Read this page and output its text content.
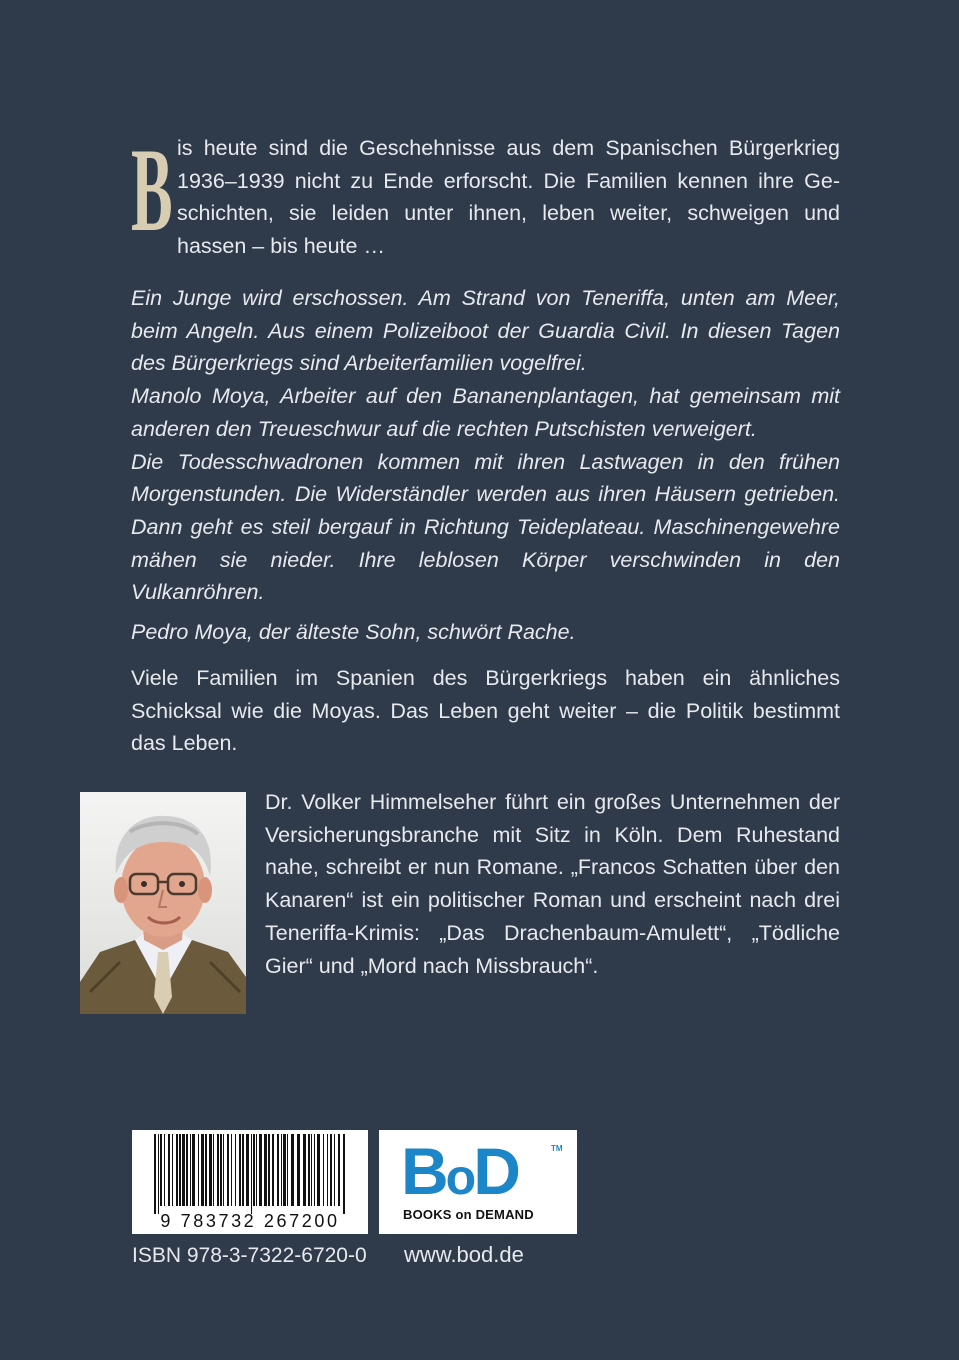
B is heute sind die Geschehnisse aus dem Spanischen Bürgerkrieg 1936–1939 nicht zu Ende erforscht. Die Familien kennen ihre Geschichten, sie leiden unter ihnen, leben weiter, schweigen und hassen – bis heute …

Ein Junge wird erschossen. Am Strand von Teneriffa, unten am Meer, beim Angeln. Aus einem Polizeiboot der Guardia Civil. In diesen Tagen des Bürgerkriegs sind Arbeiterfamilien vogelfrei.

Manolo Moya, Arbeiter auf den Bananenplantagen, hat gemeinsam mit anderen den Treueschwur auf die rechten Putschisten verweigert.

Die Todesschwadronen kommen mit ihren Lastwagen in den frühen Morgenstunden. Die Widerständler werden aus ihren Häusern getrieben. Dann geht es steil bergauf in Richtung Teideplateau. Maschinengewehre mähen sie nieder. Ihre leblosen Körper verschwinden in den Vulkanröhren.

Pedro Moya, der älteste Sohn, schwört Rache.
Viele Familien im Spanien des Bürgerkriegs haben ein ähnliches Schicksal wie die Moyas. Das Leben geht weiter – die Politik bestimmt das Leben.
Dr. Volker Himmelseher führt ein großes Unternehmen der Versicherungsbranche mit Sitz in Köln. Dem Ruhestand nahe, schreibt er nun Romane. „Francos Schatten über den Kanaren“ ist ein politischer Roman und erscheint nach drei Teneriffa-Krimis: „Das Drachenbaum-Amulett“, „Tödliche Gier“ und „Mord nach Missbrauch“.
9 783732 267200
BoD	TM
BOOKS on DEMAND
ISBN 978-3-7322-6720-0 www.bod.de
